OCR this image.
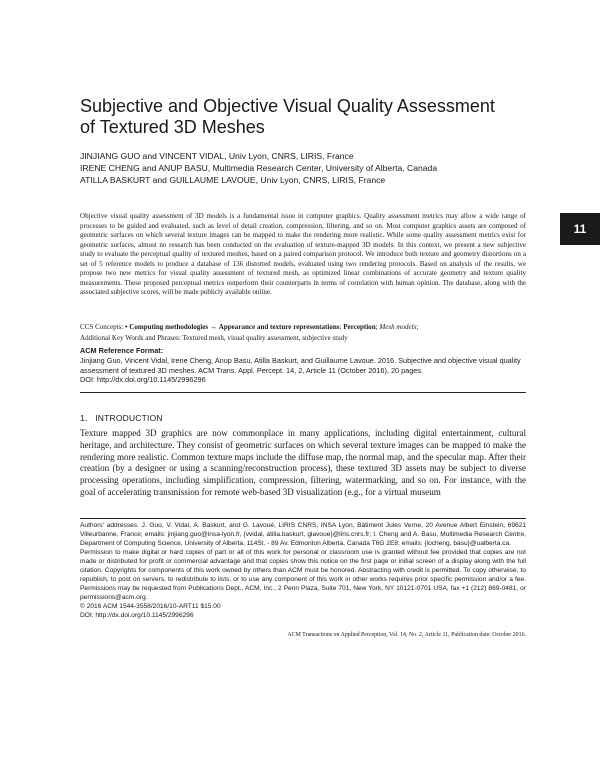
11
Subjective and Objective Visual Quality Assessment
of Textured 3D Meshes
JINJIANG GUO and VINCENT VIDAL, Univ Lyon, CNRS, LIRIS, France
IRENE CHENG and ANUP BASU, Multimedia Research Center, University of Alberta, Canada
ATILLA BASKURT and GUILLAUME LAVOUE, Univ Lyon, CNRS, LIRIS, France

Objective visual quality assessment of 3D models is a fundamental issue in computer graphics. Quality assessment metrics may allow a wide range of processes to be guided and evaluated, such as level of detail creation, compression, filtering, and so on. Most computer graphics assets are composed of geometric surfaces on which several texture images can be mapped to make the rendering more realistic. While some quality assessment metrics exist for geometric surfaces, almost no research has been conducted on the evaluation of texture-mapped 3D models. In this context, we present a new subjective study to evaluate the perceptual quality of textured meshes, based on a paired comparison protocol. We introduce both texture and geometry distortions on a set of 5 reference models to produce a database of 136 distorted models, evaluated using two rendering protocols. Based on analysis of the results, we propose two new metrics for visual quality assessment of textured mesh, as optimized linear combinations of accurate geometry and texture quality measurements. These proposed perceptual metrics outperform their counterparts in terms of correlation with human opinion. The database, along with the associated subjective scores, will be made publicly available online.

CCS Concepts: • Computing methodologies → Appearance and texture representations; Perception; Mesh models;
Additional Key Words and Phrases: Textured mesh, visual quality assessment, subjective study
ACM Reference Format:
Jinjiang Guo, Vincent Vidal, Irene Cheng, Anup Basu, Atilla Baskurt, and Guillaume Lavoue. 2016. Subjective and objective visual quality assessment of textured 3D meshes. ACM Trans. Appl. Percept. 14, 2, Article 11 (October 2016), 20 pages.
DOI: http://dx.doi.org/10.1145/2996296
1.   INTRODUCTION

Texture mapped 3D graphics are now commonplace in many applications, including digital entertainment, cultural heritage, and architecture. They consist of geometric surfaces on which several texture images can be mapped to make the rendering more realistic. Common texture maps include the diffuse map, the normal map, and the specular map. After their creation (by a designer or using a scanning/reconstruction process), these textured 3D assets may be subject to diverse processing operations, including simplification, compression, filtering, watermarking, and so on. For instance, with the goal of accelerating transmission for remote web-based 3D visualization (e.g., for a virtual museum

Authors' addresses: J. Guo, V. Vidal, A. Baskurt, and G. Lavoué, LIRIS CNRS, INSA Lyon, Bâtiment Jules Verne, 20 Avenue Albert Einstein, 69621 Villeurbanne, France; emails: jinjiang.guo@insa-lyon.fr, {vvidal, atilla.baskurt, glavoue}@liris.cnrs.fr; I. Cheng and A. Basu, Multimedia Research Centre, Department of Computing Science, University of Alberta, 114St. - 89 Av. Edmonton Alberta, Canada T6G 2E8; emails: {locheng, basu}@ualberta.ca.

Permission to make digital or hard copies of part or all of this work for personal or classroom use is granted without fee provided that copies are not made or distributed for profit or commercial advantage and that copies show this notice on the first page or initial screen of a display along with the full citation. Copyrights for components of this work owned by others than ACM must be honored. Abstracting with credit is permitted. To copy otherwise, to republish, to post on servers, to redistribute to lists, or to use any component of this work in other works requires prior specific permission and/or a fee. Permissions may be requested from Publications Dept., ACM, Inc., 2 Penn Plaza, Suite 701, New York, NY 10121-0701 USA, fax +1 (212) 869-0481, or permissions@acm.org.

© 2016 ACM 1544-3558/2016/10-ART11 $15.00

DOI: http://dx.doi.org/10.1145/2996296

ACM Transactions on Applied Perception, Vol. 14, No. 2, Article 11, Publication date: October 2016.
